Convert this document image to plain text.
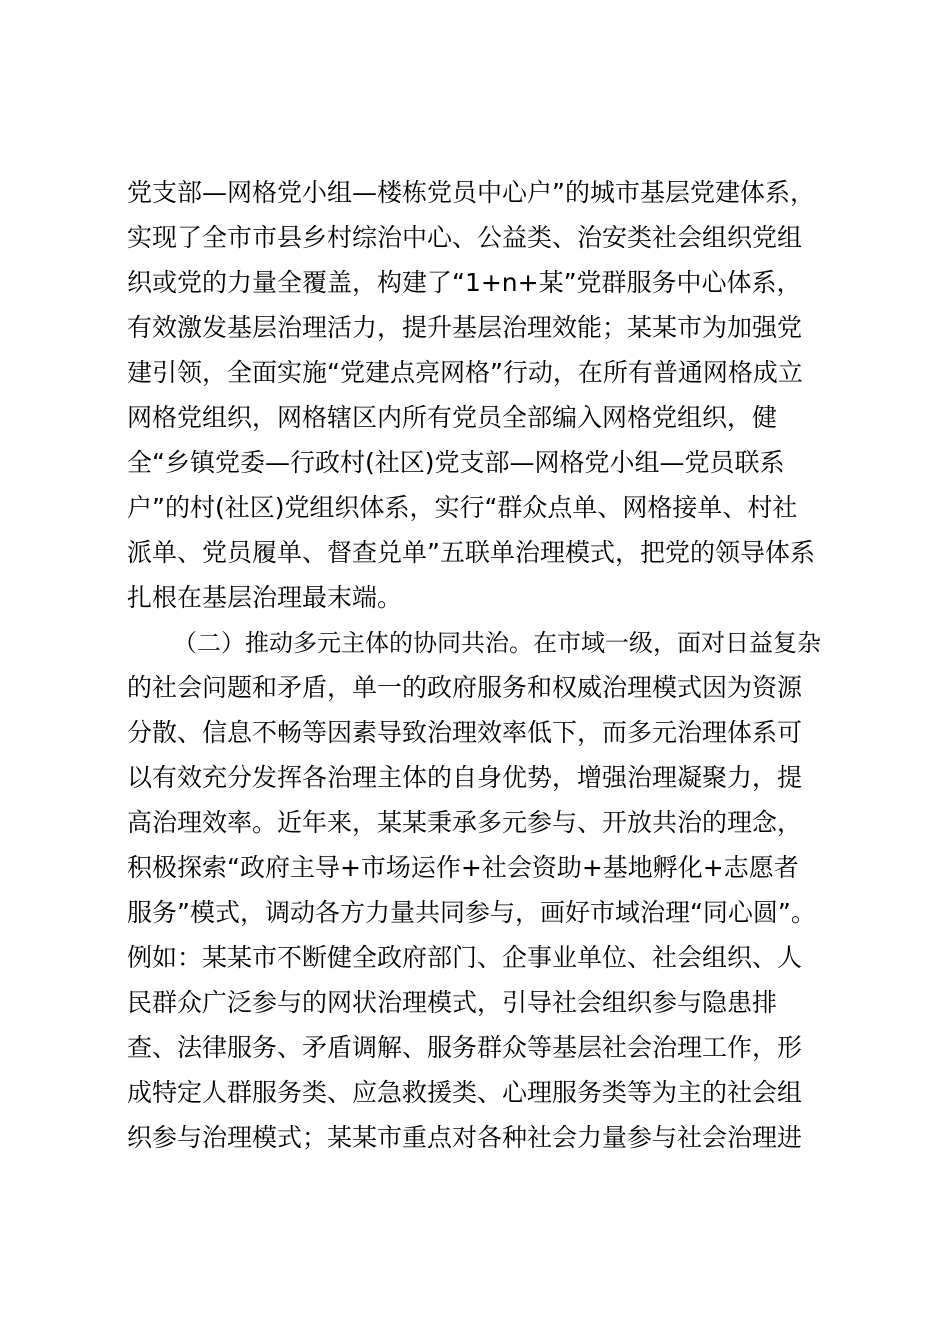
党支部—网格党小组—楼栋党员中心户”的城市基层党建体系，
实现了全市市县乡村综治中心、公益类、治安类社会组织党组
织或党的力量全覆盖，构建了“1+n+某”党群服务中心体系，
有效激发基层治理活力，提升基层治理效能；某某市为加强党
建引领，全面实施“党建点亮网格”行动，在所有普通网格成立
网格党组织，网格辖区内所有党员全部编入网格党组织，健
全“乡镇党委—行政村(社区)党支部—网格党小组—党员联系
户”的村(社区)党组织体系，实行“群众点单、网格接单、村社
派单、党员履单、督查兑单”五联单治理模式，把党的领导体系
扎根在基层治理最末端。
（二）推动多元主体的协同共治。在市域一级，面对日益复杂
的社会问题和矛盾，单一的政府服务和权威治理模式因为资源
分散、信息不畅等因素导致治理效率低下，而多元治理体系可
以有效充分发挥各治理主体的自身优势，增强治理凝聚力，提
高治理效率。近年来，某某秉承多元参与、开放共治的理念，
积极探索“政府主导+市场运作+社会资助+基地孵化+志愿者
服务”模式，调动各方力量共同参与，画好市域治理“同心圆”。
例如：某某市不断健全政府部门、企事业单位、社会组织、人
民群众广泛参与的网状治理模式，引导社会组织参与隐患排
查、法律服务、矛盾调解、服务群众等基层社会治理工作，形
成特定人群服务类、应急救援类、心理服务类等为主的社会组
织参与治理模式；某某市重点对各种社会力量参与社会治理进
